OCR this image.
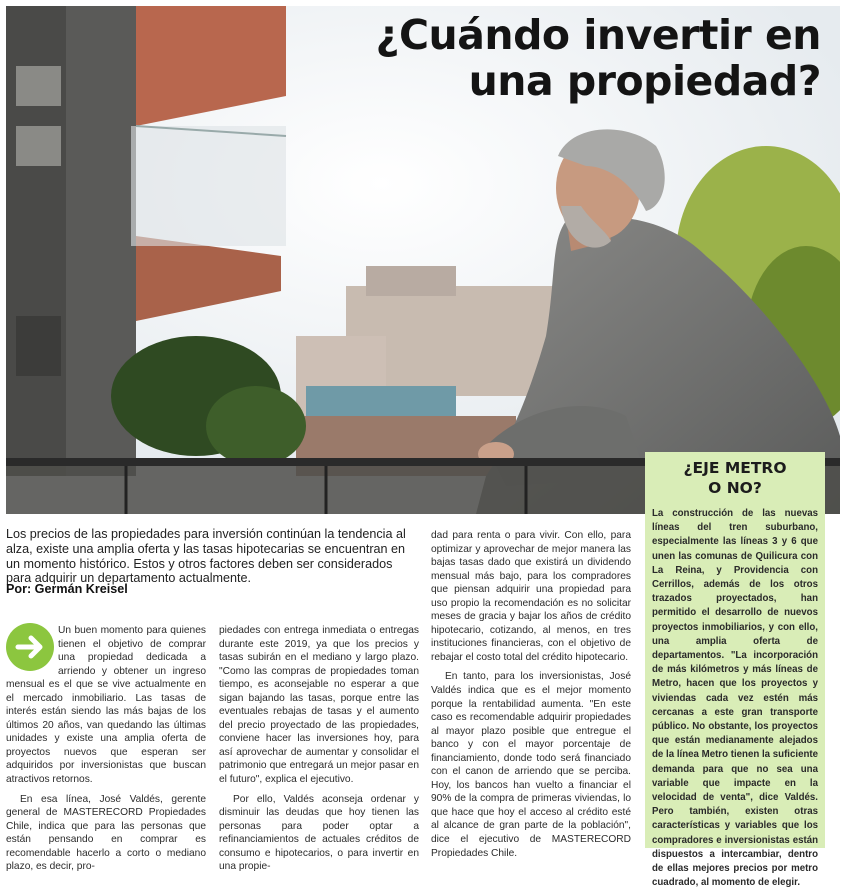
¿Cuándo invertir en
una propiedad?
¿EJE METRO
O NO?

La construcción de las nuevas líneas del tren suburbano, especialmente las líneas 3 y 6 que unen las comunas de Quilicura con La Reina, y Providencia con Cerrillos, además de los otros trazados proyectados, han permitido el desarrollo de nuevos proyectos inmobiliarios, y con ello, una amplia oferta de departamentos. "La incorporación de más kilómetros y más líneas de Metro, hacen que los proyectos y viviendas cada vez estén más cercanas a este gran transporte público. No obstante, los proyectos que están medianamente alejados de la línea Metro tienen la suficiente demanda para que no sea una variable que impacte en la velocidad de venta", dice Valdés. Pero también, existen otras características y variables que los compradores e inversionistas están dispuestos a intercambiar, dentro de ellas mejores precios por metro cuadrado, al momento de elegir.

Los precios de las propiedades para inversión continúan la tendencia al alza, existe una amplia oferta y las tasas hipotecarias se encuentran en un momento histórico. Estos y otros factores deben ser considerados para adquirir un departamento actualmente.

Por: Germán Kreisel

Un buen momento para quienes tienen el objetivo de comprar una propiedad dedicada a arriendo y obtener un ingreso mensual es el que se vive actualmente en el mercado inmobiliario. Las tasas de interés están siendo las más bajas de los últimos 20 años, van quedando las últimas unidades y existe una amplia oferta de proyectos nuevos que esperan ser adquiridos por inversionistas que buscan atractivos retornos.

En esa línea, José Valdés, gerente general de MASTERECORD Propiedades Chile, indica que para las personas que están pensando en comprar es recomendable hacerlo a corto o mediano plazo, es decir, pro-

piedades con entrega inmediata o entregas durante este 2019, ya que los precios y tasas subirán en el mediano y largo plazo. "Como las compras de propiedades toman tiempo, es aconsejable no esperar a que sigan bajando las tasas, porque entre las eventuales rebajas de tasas y el aumento del precio proyectado de las propiedades, conviene hacer las inversiones hoy, para así aprovechar de aumentar y consolidar el patrimonio que entregará un mejor pasar en el futuro", explica el ejecutivo.

Por ello, Valdés aconseja ordenar y disminuir las deudas que hoy tienen las personas para poder optar a refinanciamientos de actuales créditos de consumo e hipotecarios, o para invertir en una propie-

dad para renta o para vivir. Con ello, para optimizar y aprovechar de mejor manera las bajas tasas dado que existirá un dividendo mensual más bajo, para los compradores que piensan adquirir una propiedad para uso propio la recomendación es no solicitar meses de gracia y bajar los años de crédito hipotecario, cotizando, al menos, en tres instituciones financieras, con el objetivo de rebajar el costo total del crédito hipotecario.

En tanto, para los inversionistas, José Valdés indica que es el mejor momento porque la rentabilidad aumenta. "En este caso es recomendable adquirir propiedades al mayor plazo posible que entregue el banco y con el mayor porcentaje de financiamiento, donde todo será financiado con el canon de arriendo que se perciba. Hoy, los bancos han vuelto a financiar el 90% de la compra de primeras viviendas, lo que hace que hoy el acceso al crédito esté al alcance de gran parte de la población", dice el ejecutivo de MASTERECORD Propiedades Chile.
